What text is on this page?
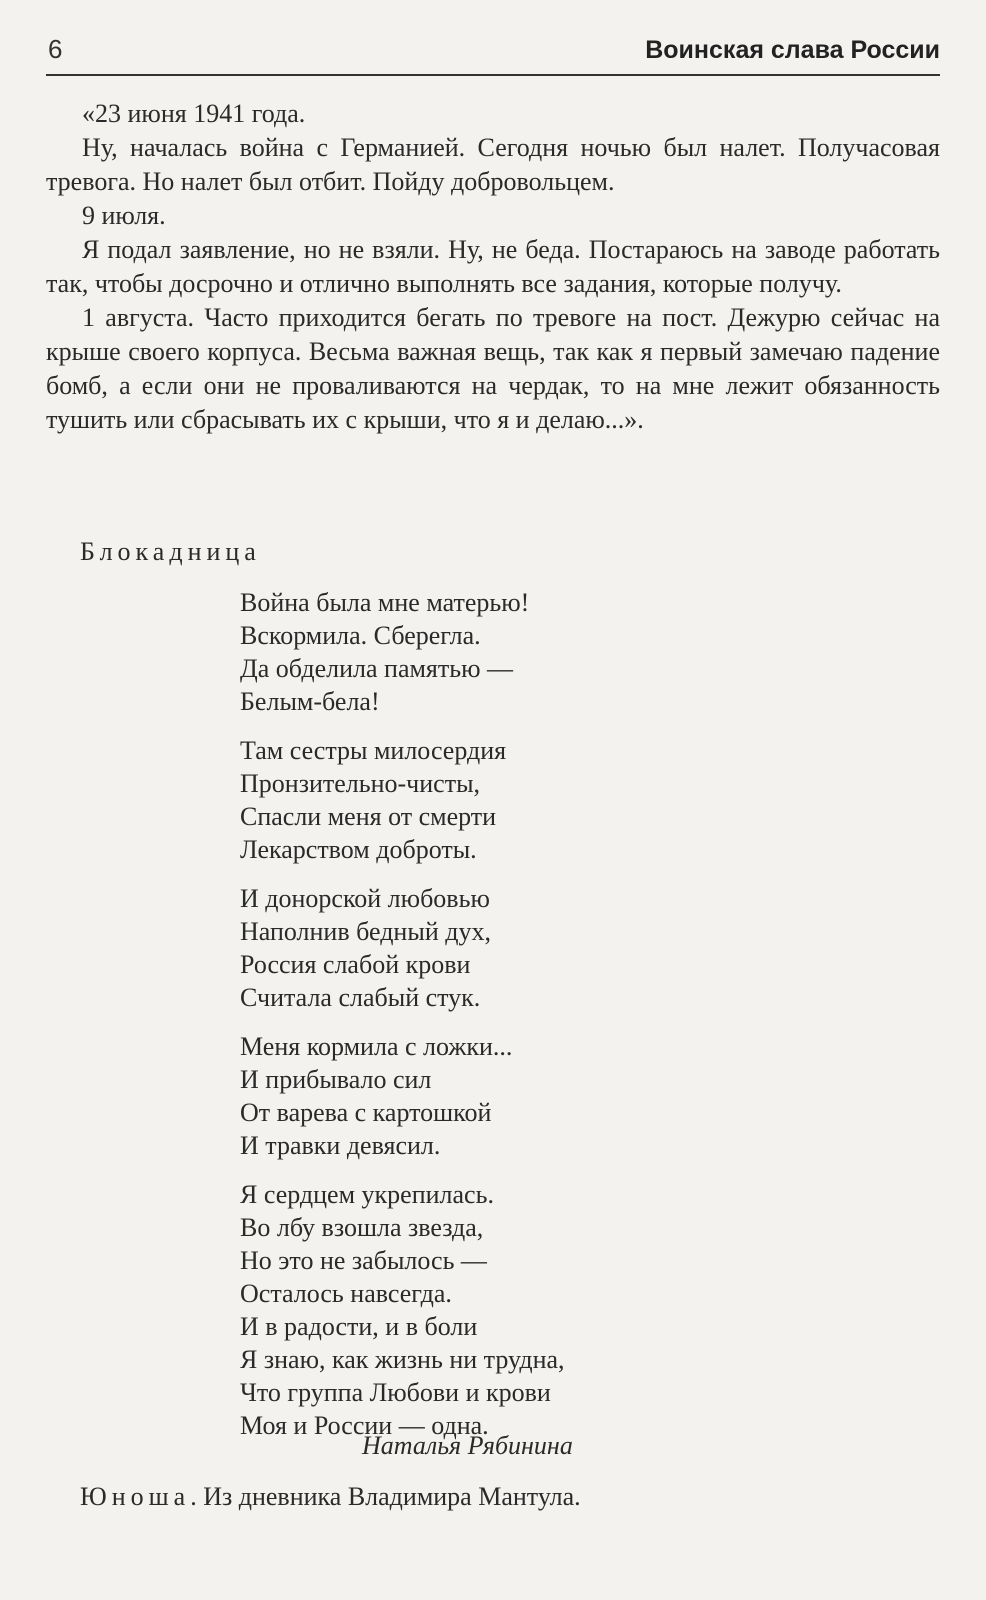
6	Воинская слава России

«23 июня 1941 года.

Ну, началась война с Германией. Сегодня ночью был налет. Получасовая тревога. Но налет был отбит. Пойду добровольцем.

9 июля.

Я подал заявление, но не взяли. Ну, не беда. Постараюсь на заводе работать так, чтобы досрочно и отлично выполнять все задания, которые получу.

1 августа. Часто приходится бегать по тревоге на пост. Дежурю сейчас на крыше своего корпуса. Весьма важная вещь, так как я первый замечаю падение бомб, а если они не проваливаются на чердак, то на мне лежит обязанность тушить или сбрасывать их с крыши, что я и делаю...».

Блокадница
Война была мне матерью!
Вскормила. Сберегла.
Да обделила памятью —
Белым-бела!
Там сестры милосердия
Пронзительно-чисты,
Спасли меня от смерти
Лекарством доброты.
И донорской любовью
Наполнив бедный дух,
Россия слабой крови
Считала слабый стук.
Меня кормила с ложки...
И прибывало сил
От варева с картошкой
И травки девясил.
Я сердцем укрепилась.
Во лбу взошла звезда,
Но это не забылось —
Осталось навсегда.
И в радости, и в боли
Я знаю, как жизнь ни трудна,
Что группа Любови и крови
Моя и России — одна.
Наталья Рябинина
Юноша. Из дневника Владимира Мантула.
